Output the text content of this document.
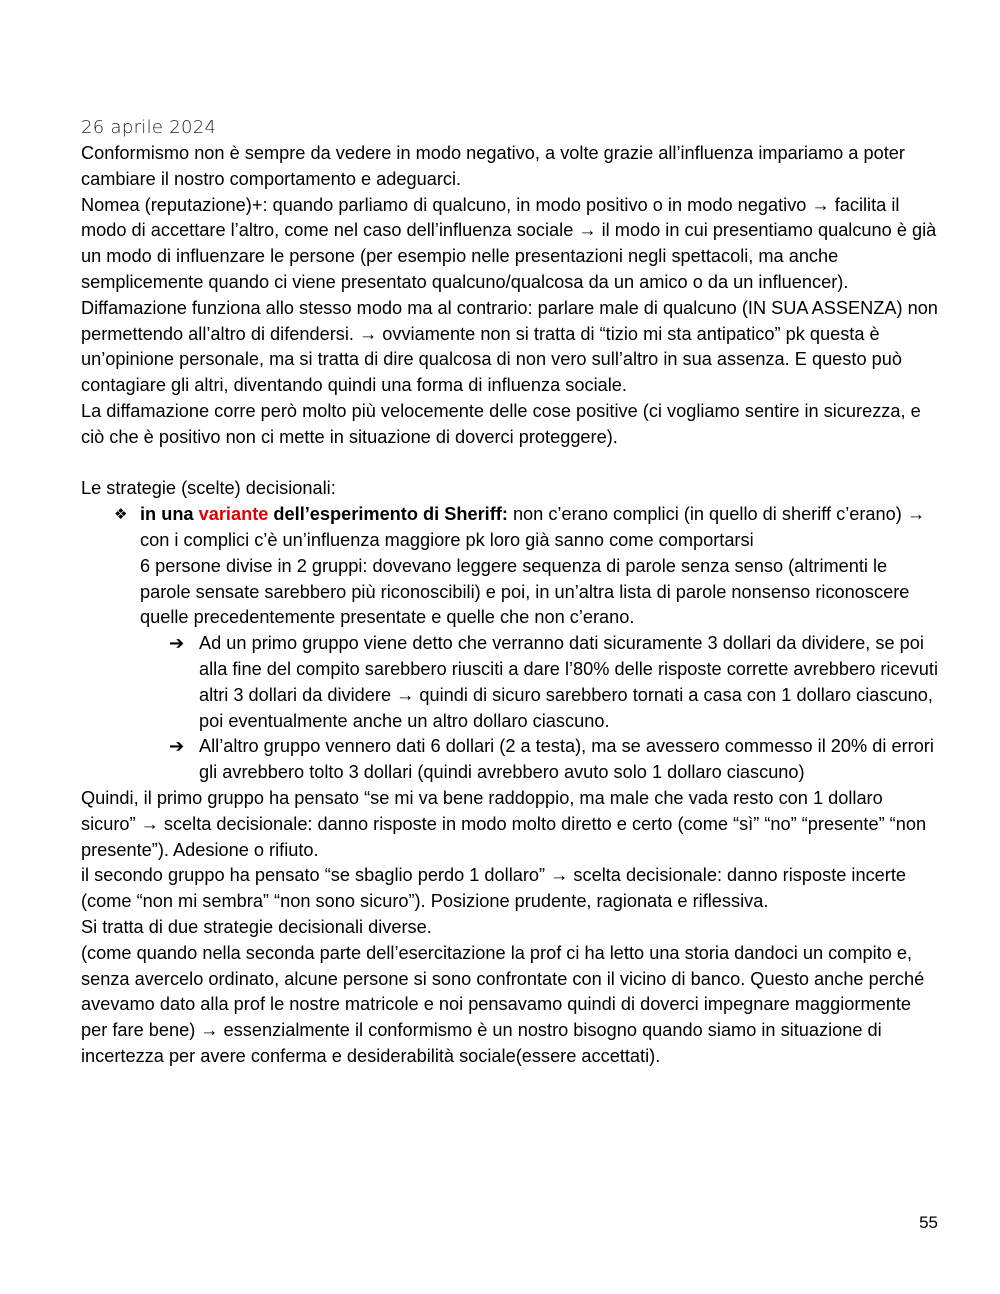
26 aprile 2024

Conformismo non è sempre da vedere in modo negativo, a volte grazie all’influenza impariamo a poter cambiare il nostro comportamento e adeguarci.

Nomea (reputazione)+: quando parliamo di qualcuno, in modo positivo o in modo negativo → facilita il modo di accettare l’altro, come nel caso dell’influenza sociale → il modo in cui presentiamo qualcuno è già un modo di influenzare le persone (per esempio nelle presentazioni negli spettacoli, ma anche semplicemente quando ci viene presentato qualcuno/qualcosa da un amico o da un influencer).

Diffamazione funziona allo stesso modo ma al contrario: parlare male di qualcuno (IN SUA ASSENZA) non permettendo all’altro di difendersi. → ovviamente non si tratta di “tizio mi sta antipatico” pk questa è un’opinione personale, ma si tratta di dire qualcosa di non vero sull’altro in sua assenza. E questo può contagiare gli altri, diventando quindi una forma di influenza sociale.

La diffamazione corre però molto più velocemente delle cose positive (ci vogliamo sentire in sicurezza, e ciò che è positivo non ci mette in situazione di doverci proteggere).

Le strategie (scelte) decisionali:

❖ in una variante dell’esperimento di Sheriff: non c’erano complici (in quello di sheriff c’erano) → con i complici c’è un’influenza maggiore pk loro già sanno come comportarsi

6 persone divise in 2 gruppi: dovevano leggere sequenza di parole senza senso (altrimenti le parole sensate sarebbero più riconoscibili) e poi, in un’altra lista di parole nonsenso riconoscere quelle precedentemente presentate e quelle che non c’erano.

➔ Ad un primo gruppo viene detto che verranno dati sicuramente 3 dollari da dividere, se poi alla fine del compito sarebbero riusciti a dare l’80% delle risposte corrette avrebbero ricevuti altri 3 dollari da dividere → quindi di sicuro sarebbero tornati a casa con 1 dollaro ciascuno, poi eventualmente anche un altro dollaro ciascuno.

➔ All’altro gruppo vennero dati 6 dollari (2 a testa), ma se avessero commesso il 20% di errori gli avrebbero tolto 3 dollari (quindi avrebbero avuto solo 1 dollaro ciascuno)

Quindi, il primo gruppo ha pensato “se mi va bene raddoppio, ma male che vada resto con 1 dollaro sicuro” → scelta decisionale: danno risposte in modo molto diretto e certo (come “sì” “no” “presente” “non presente”). Adesione o rifiuto.

il secondo gruppo ha pensato “se sbaglio perdo 1 dollaro” → scelta decisionale: danno risposte incerte (come “non mi sembra” “non sono sicuro”). Posizione prudente, ragionata e riflessiva.

Si tratta di due strategie decisionali diverse.

(come quando nella seconda parte dell’esercitazione la prof ci ha letto una storia dandoci un compito e, senza avercelo ordinato, alcune persone si sono confrontate con il vicino di banco. Questo anche perché avevamo dato alla prof le nostre matricole e noi pensavamo quindi di doverci impegnare maggiormente per fare bene) → essenzialmente il conformismo è un nostro bisogno quando siamo in situazione di incertezza per avere conferma e desiderabilità sociale(essere accettati).

55
